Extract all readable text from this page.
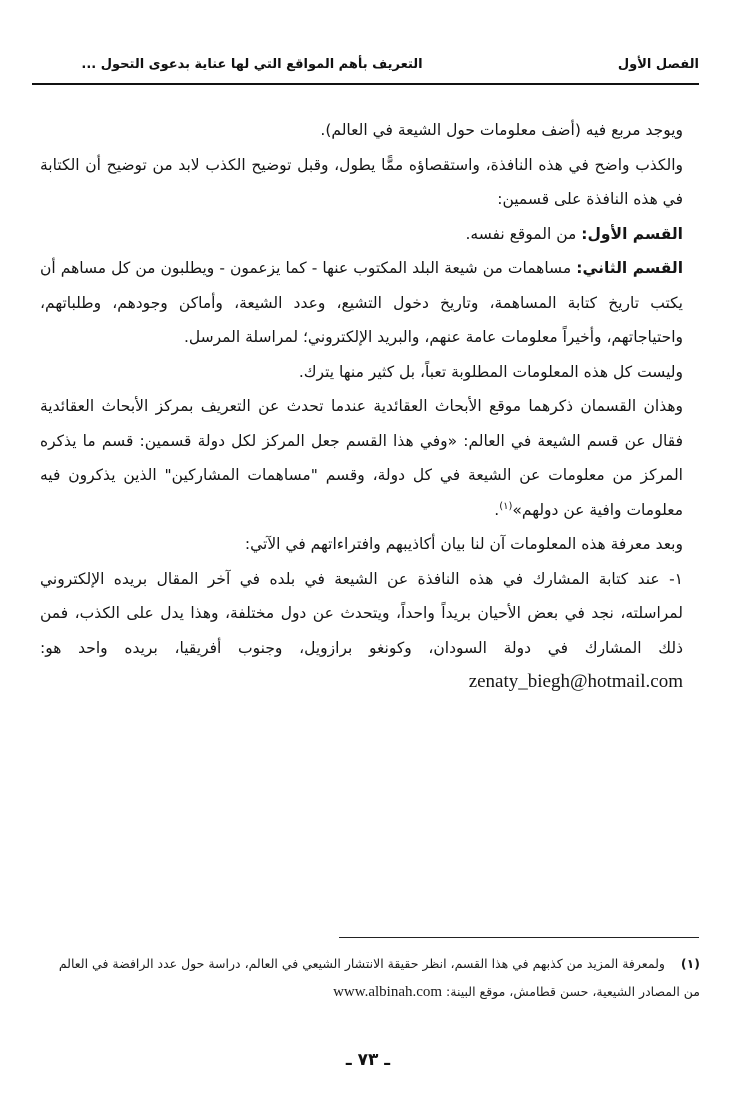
الفصل الأول
التعريف بأهم المواقع التي لها عناية بدعوى التحول ...

ويوجد مربع فيه (أضف معلومات حول الشيعة في العالم).

والكذب واضح في هذه النافذة، واستقصاؤه ممًّا يطول، وقبل توضيح الكذب لابد من توضيح أن الكتابة في هذه النافذة على قسمين:

القسم الأول: من الموقع نفسه.

القسم الثاني: مساهمات من شيعة البلد المكتوب عنها - كما يزعمون - ويطلبون من كل مساهم أن يكتب تاريخ كتابة المساهمة، وتاريخ دخول التشيع، وعدد الشيعة، وأماكن وجودهم، وطلباتهم، واحتياجاتهم، وأخيراً معلومات عامة عنهم، والبريد الإلكتروني؛ لمراسلة المرسل.

وليست كل هذه المعلومات المطلوبة تعباً، بل كثير منها يترك.

وهذان القسمان ذكرهما موقع الأبحاث العقائدية عندما تحدث عن التعريف بمركز الأبحاث العقائدية فقال عن قسم الشيعة في العالم: «وفي هذا القسم جعل المركز لكل دولة قسمين: قسم ما يذكره المركز من معلومات عن الشيعة في كل دولة، وقسم "مساهمات المشاركين" الذين يذكرون فيه معلومات وافية عن دولهم»$^{(١)}$.

وبعد معرفة هذه المعلومات آن لنا بيان أكاذيبهم وافتراءاتهم في الآتي:

١- عند كتابة المشارك في هذه النافذة عن الشيعة في بلده في آخر المقال بريده الإلكتروني لمراسلته، نجد في بعض الأحيان بريداً واحداً، ويتحدث عن دول مختلفة، وهذا يدل على الكذب، فمن ذلك المشارك في دولة السودان، وكونغو برازويل، وجنوب أفريقيا، بريده واحد هو: zenaty_biegh@hotmail.com

(١)ولمعرفة المزيد من كذبهم في هذا القسم، انظر حقيقة الانتشار الشيعي في العالم، دراسة حول عدد الرافضة في العالم من المصادر الشيعية، حسن قطامش، موقع البينة: www.albinah.com
ـ ٧٣ ـ
